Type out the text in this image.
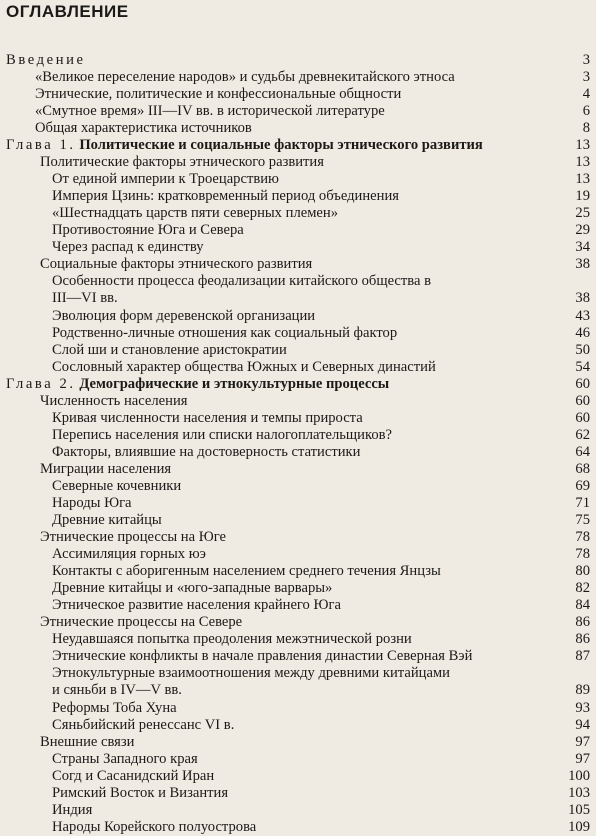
ОГЛАВЛЕНИЕ
Введение	3
«Великое переселение народов» и судьбы древнекитайского этноса	3
Этнические, политические и конфессиональные общности	4
«Смутное время» III—IV вв. в исторической литературе	6
Общая характеристика источников	8
Глава 1. Политические и социальные факторы этнического развития	13
Политические факторы этнического развития	13
От единой империи к Троецарствию	13
Империя Цзинь: кратковременный период объединения	19
«Шестнадцать царств пяти северных племен»	25
Противостояние Юга и Севера	29
Через распад к единству	34
Социальные факторы этнического развития	38
Особенности процесса феодализации китайского общества в
III—VI вв.	38
Эволюция форм деревенской организации	43
Родственно-личные отношения как социальный фактор	46
Слой ши и становление аристократии	50
Сословный характер общества Южных и Северных династий	54
Глава 2. Демографические и этнокультурные процессы	60
Численность населения	60
Кривая численности населения и темпы прироста	60
Перепись населения или списки налогоплательщиков?	62
Факторы, влиявшие на достоверность статистики	64
Миграции населения	68
Северные кочевники	69
Народы Юга	71
Древние китайцы	75
Этнические процессы на Юге	78
Ассимиляция горных юэ	78
Контакты с аборигенным населением среднего течения Янцзы	80
Древние китайцы и «юго-западные варвары»	82
Этническое развитие населения крайнего Юга	84
Этнические процессы на Севере	86
Неудавшаяся попытка преодоления межэтнической розни	86
Этнические конфликты в начале правления династии Северная Вэй	87
Этнокультурные взаимоотношения между древними китайцами
и сяньби в IV—V вв.	89
Реформы Тоба Хуна	93
Сяньбийский ренессанс VI в.	94
Внешние связи	97
Страны Западного края	97
Согд и Сасанидский Иран	100
Римский Восток и Византия	103
Индия	105
Народы Корейского полуострова	109
